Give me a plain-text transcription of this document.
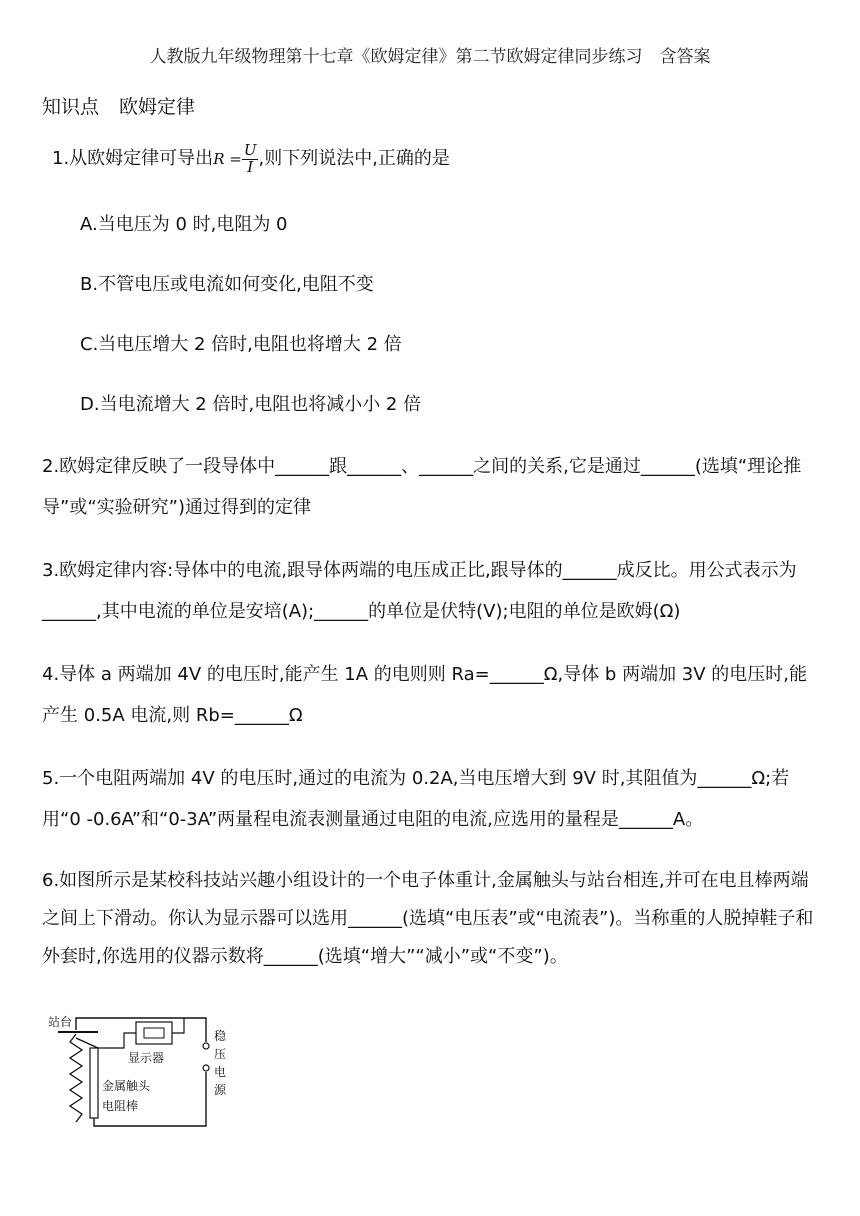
人教版九年级物理第十七章《欧姆定律》第二节欧姆定律同步练习　含答案
知识点 欧姆定律
1.从欧姆定律可导出$R = \frac{U}{I}$ ,则下列说法中,正确的是
A.当电压为 0 时,电阻为 0
B.不管电压或电流如何变化,电阻不变
C.当电压增大 2 倍时,电阻也将增大 2 倍
D.当电流增大 2 倍时,电阻也将减小小 2 倍
2.欧姆定律反映了一段导体中______跟______、______之间的关系,它是通过______(选填“理论推导”或“实验研究”)通过得到的定律
3.欧姆定律内容:导体中的电流,跟导体两端的电压成正比,跟导体的______成反比。用公式表示为______,其中电流的单位是安培(A);______的单位是伏特(V);电阻的单位是欧姆(Ω)
4.导体 a 两端加 4V 的电压时,能产生 1A 的电则则 Ra=______Ω,导体 b 两端加 3V 的电压时,能产生 0.5A 电流,则 Rb=______Ω
5.一个电阻两端加 4V 的电压时,通过的电流为 0.2A,当电压增大到 9V 时,其阻值为______Ω;若用“0 -0.6A”和“0-3A”两量程电流表测量通过电阻的电流,应选用的量程是______A。
6.如图所示是某校科技站兴趣小组设计的一个电子体重计,金属触头与站台相连,并可在电且棒两端之间上下滑动。你认为显示器可以选用______(选填“电压表”或“电流表”)。当称重的人脱掉鞋子和外套时,你选用的仪器示数将______(选填“增大”“减小”或“不变”)。
稳
压
电
源
站台
电阻棒
金属触头
显示器
